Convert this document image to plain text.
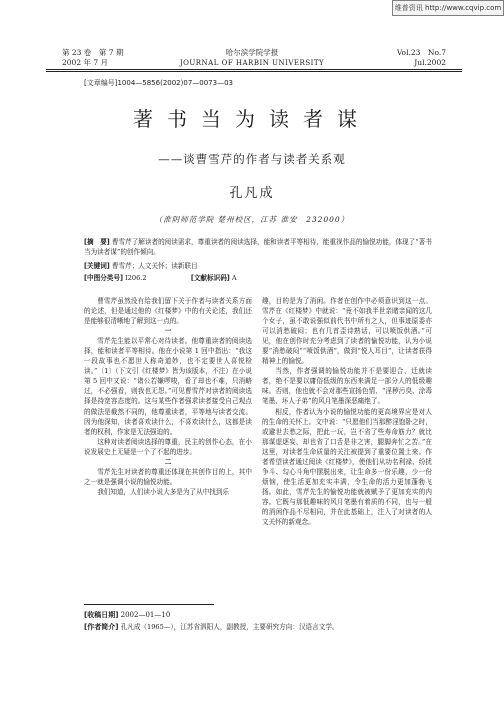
维普资讯 http://www.cqvip.com
第 23 卷　第 7 期	哈尔滨学院学报	Vol.23　No.7
2002 年 7 月	JOURNAL OF HARBIN UNIVERSITY	Jul.2002
[文章编号]1004—5856(2002)07—0073—03
著书当为读者谋
——谈曹雪芹的作者与读者关系观
孔凡成
（淮阴师范学院 楚州校区，江苏 淮安　232000）
[摘　要] 曹雪芹了解读者的阅读需求，尊重读者的阅读选择，能和读者平等相待，能重视作品的愉悦功能，体现了“著书当为读者谋”的创作倾向。
[关键词] 曹雪芹；人文关怀；读新联目
[中图分类号] I206.2	[文献标识码] A

曹雪芹虽然没有给我们留下关于作者与读者关系方面的论述，但是通过他的《红楼梦》中的有关论述，我们还是能够很清晰地了解到这一点的。

一

雪芹先生能以平常心对待读者。他尊重读者的阅读选择，能和读者平等相待。他在小说第 1 回中指出：“我这一段故事也不愿世人称奇道妙，也不定要世人喜悦检读。”〔1〕（下文引《红楼梦》皆为该版本，不注）在小说第 5 回中又说：“诸公若嫌啰唆，看了却也不难，只消略过，不必强看，则我也无怨。”可见曹雪芹对读者的阅读选择是持宽容态度的。这与某些作者强求读者接受自己观点的做法是截然不同的，他尊重读者，平等地与读者交流。因为他深知，读者喜欢读什么，不喜欢读什么，这都是读者的权利，作家是无法强迫的。

这种对读者阅读选择的尊重，民主的创作心态，在小说发展史上无疑是一个了不起的进步。

二

雪芹先生对读者的尊重还体现在其创作目的上，其中之一就是强调小说的愉悦功能。

我们知道，人们读小说大多是为了从中找到乐

趣，目的是为了消闲。作者在创作中必须意识到这一点。雪芹在《红楼梦》中就说：“竟不如我半世亲睹亲闻的这几个女子，虽不敢说强似前代书中所有之人，但事迹原委亦可以消愁破闷；也有几首歪诗熟话，可以喷饭供酒。”可见，他在创作时充分考虑到了读者的愉悦功能，认为小说要“消愁破闷”“喷饭供酒”，做到“悦人耳目”，让读者获得精神上的愉悦。

当然，作者强调的愉悦功能并不是要迎合、迁就读者，绝不是要以庸俗低级的东西来满足一部分人的低级趣味。否则，他也就不会对那些宣扬色情、“淫秽污臭、涂毒笔墨、坏人子弟”的风月笔墨深恶痛绝了。

相反，作者认为小说的愉悦功能的更高境界应是对人的生命的关怀上。文中说：“只愿他们当那醉淫饱卧之时，或避世去愁之际，把此一玩，岂不省了些寿命筋力？就比那谋虚逐妄，却也省了口舌是非之害，腿脚奔忙之苦。”在这里，对读者生命质量的关注被提到了重要位置上来。作者希望读者通过阅读《红楼梦》，使他们从功名利禄、纷扰争斗、勾心斗角中摆脱出来，让生命多一份乐趣，少一份烦恼，使生活更加充实丰满，令生命的活力更加蓬勃飞扬。如此，雪芹先生的愉悦功能就被赋予了更加充实的内容。它既与那低趣味的风月笔墨有着质的不同，也与一般的消闲作品不尽相同，并在此基础上，注入了对读者的人文关怀的新观念。

[收稿日期] 2002—01—10
[作者简介] 孔凡成（1965—），江苏省泗阳人，副教授，主要研究方向：汉语言文学。
